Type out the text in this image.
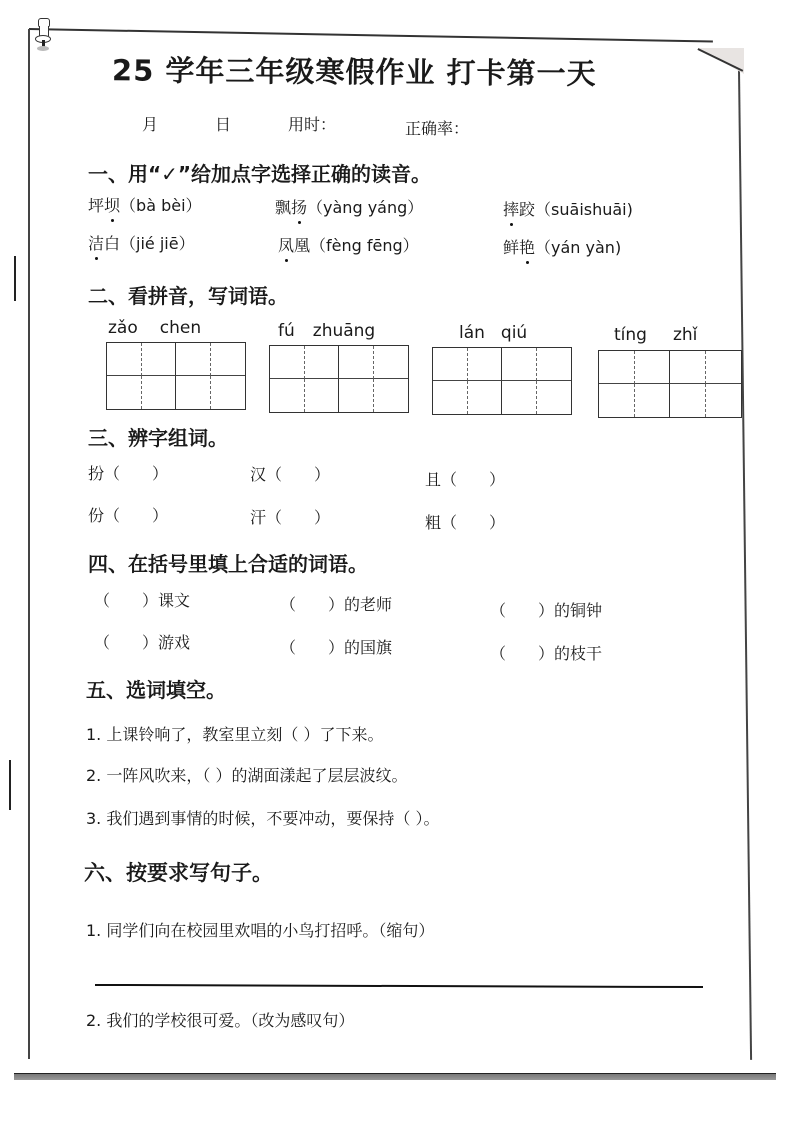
25 学年三年级寒假作业 打卡第一天
月	日	用时：	正确率：
一、用“✓”给加点字选择正确的读音。
坪坝（bà bèi）	飘扬（yàng yáng）	摔跤（suāishuāi)
洁白（jié jiē）	凤凰（fèng fēng）	鲜艳（yán yàn)
二、看拼音，写词语。
zǎo chen	fú zhuāng	lán qiú	tíng zhǐ
三、辨字组词。
扮（　　）	汉（　　）	且（　　）
份（　　）	汗（　　）	粗（　　）
四、在括号里填上合适的词语。
（　　）课文	（　　）的老师	（　　）的铜钟
（　　）游戏	（　　）的国旗	（　　）的枝干
五、选词填空。
1. 上课铃响了，教室里立刻（ ）了下来。
2. 一阵风吹来，（ ）的湖面漾起了层层波纹。
3. 我们遇到事情的时候，不要冲动，要保持（ ）。
六、按要求写句子。
1. 同学们向在校园里欢唱的小鸟打招呼。（缩句）
2. 我们的学校很可爱。（改为感叹句）
